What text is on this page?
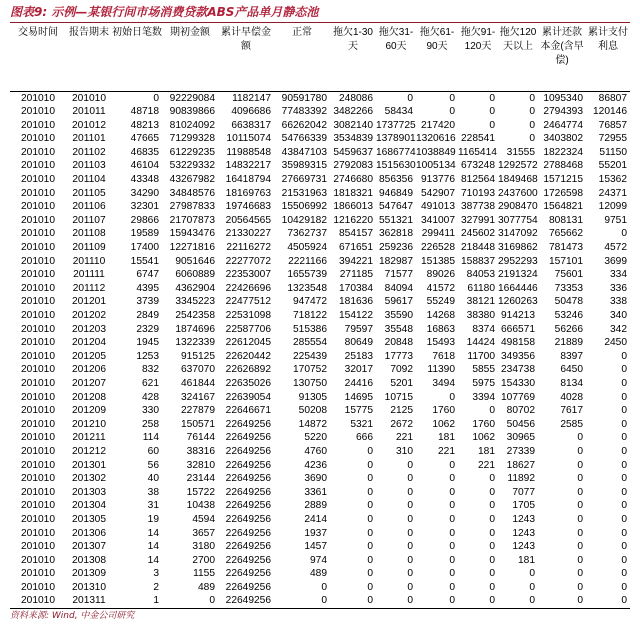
图表9: 示例—某银行间市场消费贷款ABS产品单月静态池
交易时间	报告期末	初始日笔数	期初金额	累计早偿金额	正常	拖欠1-30天	拖欠31-60天	拖欠61-90天	拖欠91-120天	拖欠120天以上	累计还款本金(含早偿)	累计支付利息
201010	201010	0	92229084	1182147	90591780	248086	0	0	0	0	1095340	86807
201010	201011	48718	90839866	4096686	77483392	3482266	58434	0	0	0	2794393	120146
201010	201012	48213	81024092	6638317	66262042	3082140	1737725	217420	0	0	2464774	76857
201010	201101	47665	71299328	10115074	54766339	3534839	1378901	1320616	228541	0	3403802	72955
201010	201102	46835	61229235	11988548	43847103	5459637	1686774	1038849	1165414	31555	1822324	51150
201010	201103	46104	53229332	14832217	35989315	2792083	1515630	1005134	673248	1292572	2788468	55201
201010	201104	43348	43267982	16418794	27669731	2746680	856356	913776	812564	1849468	1571215	15362
201010	201105	34290	34848576	18169763	21531963	1818321	946849	542907	710193	2437600	1726598	24371
201010	201106	32301	27987833	19746683	15506992	1866013	547647	491013	387738	2908470	1564821	12099
201010	201107	29866	21707873	20564565	10429182	1216220	551321	341007	327991	3077754	808131	9751
201010	201108	19589	15943476	21330227	7362737	854157	362818	299411	245602	3147092	765662	0
201010	201109	17400	12271816	22116272	4505924	671651	259236	226528	218448	3169862	781473	4572
201010	201110	15541	9051646	22277072	2221166	394221	182987	151385	158837	2952293	157101	3699
201010	201111	6747	6060889	22353007	1655739	271185	71577	89026	84053	2191324	75601	334
201010	201112	4395	4362904	22426696	1323548	170384	84094	41572	61180	1664446	73353	336
201010	201201	3739	3345223	22477512	947472	181636	59617	55249	38121	1260263	50478	338
201010	201202	2849	2542358	22531098	718122	154122	35590	14268	38380	914213	53246	340
201010	201203	2329	1874696	22587706	515386	79597	35548	16863	8374	666571	56266	342
201010	201204	1945	1322339	22612045	285554	80649	20848	15493	14424	498158	21889	2450
201010	201205	1253	915125	22620442	225439	25183	17773	7618	11700	349356	8397	0
201010	201206	832	637070	22626892	170752	32017	7092	11390	5855	234738	6450	0
201010	201207	621	461844	22635026	130750	24416	5201	3494	5975	154330	8134	0
201010	201208	428	324167	22639054	91305	14695	10715	0	3394	107769	4028	0
201010	201209	330	227879	22646671	50208	15775	2125	1760	0	80702	7617	0
201010	201210	258	150571	22649256	14872	5321	2672	1062	1760	50456	2585	0
201010	201211	114	76144	22649256	5220	666	221	181	1062	30965	0	0
201010	201212	60	38316	22649256	4760	0	310	221	181	27339	0	0
201010	201301	56	32810	22649256	4236	0	0	0	221	18627	0	0
201010	201302	40	23144	22649256	3690	0	0	0	0	11892	0	0
201010	201303	38	15722	22649256	3361	0	0	0	0	7077	0	0
201010	201304	31	10438	22649256	2889	0	0	0	0	1705	0	0
201010	201305	19	4594	22649256	2414	0	0	0	0	1243	0	0
201010	201306	14	3657	22649256	1937	0	0	0	0	1243	0	0
201010	201307	14	3180	22649256	1457	0	0	0	0	1243	0	0
201010	201308	14	2700	22649256	974	0	0	0	0	181	0	0
201010	201309	3	1155	22649256	489	0	0	0	0	0	0	0
201010	201310	2	489	22649256	0	0	0	0	0	0	0	0
201010	201311	1	0	22649256	0	0	0	0	0	0	0	0
资料来源: Wind, 中金公司研究
